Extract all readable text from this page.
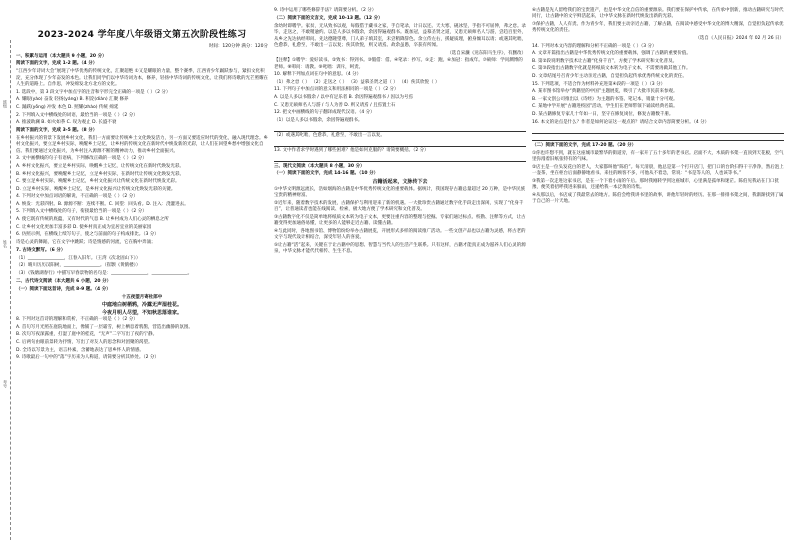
班级
姓名
考号
2023-2024 学年度八年级语文第五次阶段性练习
时间：120分钟 满分：120分

一、积累与运用（本大题共 9 小题，20 分）

阅读下面的文字，完成 1-2 题。（4 分）

“江西少年诗词大会”展现了中华优秀的传统文化，汇聚超绝 ①又是耀眼的力量，整个赛季，江西青少年踊跃参与，紧扣文化积淀，充分体现了少年奋发的本色。让我们同学们以中华诗词为本，修养，轻扬中华诗词的传统文化，让我们将诗歌的光芒照耀在人生的道路上。自作思，冲发绵发北方北方的文化。

1. 选段中，第 3 段文字中加点字的注音和字形完全正确的一项是（ ）（2 分）

A. 耀眼(yào) 奋发 轻扬(yáng) B. 积淀(diàn) 汇聚 修养

C. 踊跃(yǒng) 冲发 本色 D. 照耀(zhào) 传统 绵延

2. 下列填入文中横线处的词语，最恰当的一项是（ ）（2 分）

A. 推波助澜 B. 如火如荼 C. 叹为观止 D. 长盛不衰

阅读下面的文字，完成 3-5 题。（8 分）

在乡村振兴的背景下发展乡村文化，我们一方面要让传统乡土文化焕发活力，另一方面又要适应时代的变化，融入现代理念。乡村文化振兴，要立足乡村实际，唤醒乡土记忆，让乡村的传统文化在新时代中焕发新的光彩，让人们在回望乡愁中增强文化自信。我们要通过文化振兴，为乡村注入源源不断的精神动力，推动乡村全面振兴。

3. 文中画横线的句子有语病，下列修改正确的一项是（ ）（2 分）

A. 乡村文化振兴，要立足乡村实际，唤醒乡土记忆，让传统文化在新时代焕发光彩。

B. 乡村文化振兴，要唤醒乡土记忆，立足乡村实际，在新时代让传统文化焕发光彩。

C. 要立足乡村实际，唤醒乡土记忆，乡村文化振兴让传统文化在新时代焕发光彩。

D. 立足乡村实际，唤醒乡土记忆，是乡村文化振兴让传统文化焕发光彩的关键。

4. 下列对文中加点词语的解说，不正确的一项是（ ）（2 分）

A. 焕发：光彩四射。B. 源源不断：连续不断。C. 回望：回头看。D. 注入：浇灌进去。

5. 下列填入文中横线处的句子，衔接最恰当的一项是（ ）（2 分）

A. 使它既有传统的底蕴，又有时代的气息 B. 让乡村成为人们心灵的栖息之所

C. 让乡村文化更加丰富多彩 D. 使乡村真正成为宜居宜业的美丽家园

6. 仿照示例，在横线上续写句子，使之与前面的句子构成排比。（3 分）

诗是心灵的舞蹈，它在文字中跳跃；诗是情感的河流，它在胸中奔涌；

7. 古诗文默写。（6 分）

（1）________________，江春入旧年。（王湾《次北固山下》）

（2）晴川历历汉阳树，________________。（崔颢《黄鹤楼》）

（3）《钱塘湖春行》中描写早春景物的名句是：________________，________________。

二、古代诗文阅读（本大题共 6 小题，20 分）

（一）阅读下面这首诗，完成 8-9 题。（4 分）

十五夜望月寄杜郎中

中庭地白树栖鸦，冷露无声湿桂花。

今夜月明人尽望，不知秋思落谁家。

8. 下列对这首诗的理解和赏析，不正确的一项是（ ）（2 分）

A. 首句写月光照在庭院地面上，像铺了一层霜雪，树上栖息着鸦鹊，营造出幽静的氛围。

B. 次句写夜深露重，打湿了庭中的桂花，“无声”二字写出了夜的宁静。

C. 后两句由眼前景转为抒情，写出了对友人的思念和对团聚的渴望。

D. 全诗以写景为主，语言朴素，含蓄地表达了思乡怀人的情感。

9. 诗歌最后一句中的“落”字历来为人称道，请简要分析其妙处。（2 分）

9. 诗中运用了哪些修辞手法？请简要分析。（2 分）

（二）阅读下面的文言文，完成 10-13 题。（12 分）

余幼时即嗜学。家贫，无从致书以观，每假借于藏书之家，手自笔录，计日以还。天大寒，砚冰坚，手指不可屈伸，弗之怠。录毕，走送之，不敢稍逾约。以是人多以书假余，余因得遍观群书。既加冠，益慕圣贤之道，又患无硕师名人与游，尝趋百里外，从乡之先达执经叩问。先达德隆望尊，门人弟子填其室，未尝稍降辞色。余立侍左右，援疑质理，俯身倾耳以请；或遇其叱咄，色愈恭，礼愈至，不敢出一言以复；俟其欣悦，则又请焉。故余虽愚，卒获有所闻。

（选自宋濂《送东阳马生序》，有删改）

【注释】①嗜学：爱好读书。②致书：得到书。③假借：借。④笔录：抄写。⑤走：跑。⑥加冠：指成年。⑦硕师：学问渊博的老师。⑧叩问：请教。⑨叱咄：训斥，呵责。

10. 解释下列加点词在句中的意思。（4 分）

（1）弗之怠（ ） （2）走送之（ ） （3）益慕圣贤之道（ ） （4）俟其欣悦（ ）

11. 下列句子中加点词的意义和用法相同的一项是（ ）（2 分）

A. 以是人多以书假余 / 以中有足乐者 B. 余因得遍观群书 / 因以为号焉

C. 又患无硕师名人与游 / 与人为善 D. 则又请焉 / 且焉置土石

12. 把文中画横线的句子翻译成现代汉语。（4 分）

（1）以是人多以书假余，余因得遍观群书。

（2）或遇其叱咄，色愈恭，礼愈至，不敢出一言以复。

13. 文中作者求学时遇到了哪些困难？他是如何克服的？请简要概括。（2 分）

三、现代文阅读（本大题共 8 小题，30 分）

（一）阅读下面的文字，完成 14-16 题。（10 分）

古籍活起来，文脉传下去

①中华文明源远流长，浩如烟海的古籍是中华优秀传统文化的重要载体。据统计，我国现存古籍总量超过 20 万种，是中华民族宝贵的精神财富。

②近年来，随着数字技术的发展，古籍保护与利用迎来了新的机遇。一大批珍贵古籍通过数字化手段走出深闺，实现了“化身千百”，让普通读者也能在线阅读、检索，极大地方便了学术研究和文化普及。

③古籍数字化不仅是简单地将纸质文本转为电子文本，更要注重内容的整理与挖掘。专家们通过标点、校勘、注释等方式，让古籍变得更加通俗易懂，让更多的人能够走近古籍、读懂古籍。

④与此同时，各地图书馆、博物馆纷纷举办古籍展览，开展形式多样的阅读推广活动。一些文创产品也以古籍为灵感，将古老的文字与现代设计相结合，深受年轻人的喜爱。

⑤让古籍“活”起来，关键在于让古籍中的思想、智慧与当代人的生活产生联系。只有这样，古籍才能真正成为滋养人们心灵的源泉，中华文脉才能代代相传、生生不息。

⑥古籍是先人留给我们的宝贵遗产，也是中华文化自信的重要源泉。我们要在保护中传承，在传承中创新，推动古籍研究与时代同行，让古籍中的文字鲜活起来，让中华文脉在新时代焕发出新的光彩。

⑦保护古籍，人人有责。作为青少年，我们要主动亲近古籍，了解古籍，在阅读中感受中华文化的博大精深，自觉担负起传承优秀传统文化的责任。

（选自《人民日报》2024 年 02 月 26 日）

14. 下列对本文内容的理解和分析不正确的一项是（ ）（3 分）

A. 文章开篇指出古籍是中华优秀传统文化的重要载体，强调了古籍的重要价值。

B. 第②段说明数字技术让古籍“化身千百”，方便了学术研究和文化普及。

C. 第③段指出古籍数字化就是将纸质文本转为电子文本，不需要再做其他工作。

D. 文章结尾号召青少年主动亲近古籍，自觉担负起传承优秀传统文化的责任。

15. 下列选项，不适合作为材料补充进第④段的一项是（ ）（3 分）

A. 某市图书馆举办“典籍里的中国”主题展览，吸引了大批市民前来参观。

B. 一家文创公司推出以《诗经》为主题的书签、笔记本，销量十分可观。

C. 某地中学开展“古籍进校园”活动，学生们在老师带领下诵读经典名篇。

D. 某古籍修复专家几十年如一日，坚守在修复岗位，修复古籍数千册。

16. 本文的论点是什么？作者是如何论证这一观点的？请结合文章内容简要分析。（4 分）

（二）阅读下面的文字，完成 17-20 题。（20 分）

①你也许想不到，就在这座城市最繁华的街道旁，有一家开了五十多年的老书店。店面不大，木质的书架一直顶到天花板，空气里弥漫着旧纸张特有的气味。

②店主是一位头发花白的老人，大家都叫他“陈伯”。每天清晨，他总是第一个打开店门，把门口的台阶扫得干干净净，然后泡上一壶茶，坐在柜台后面静静地看书。来往的顾客不多，可他从不着急，常说：“书是等人的，人也该等书。”

③我第一次走进这家书店，是在一个下着小雨的午后。那时我刚转学到这座城市，心里满是孤单和迷茫。陈伯见我站在门口犹豫，便笑着招呼我进来躲雨，还递给我一本泛黄的诗集。

④从那以后，书店成了我最常去的地方。陈伯会给我讲书里的故事，讲他年轻时的经历。在那一排排书架之间，我渐渐找到了属于自己的一片天地。
